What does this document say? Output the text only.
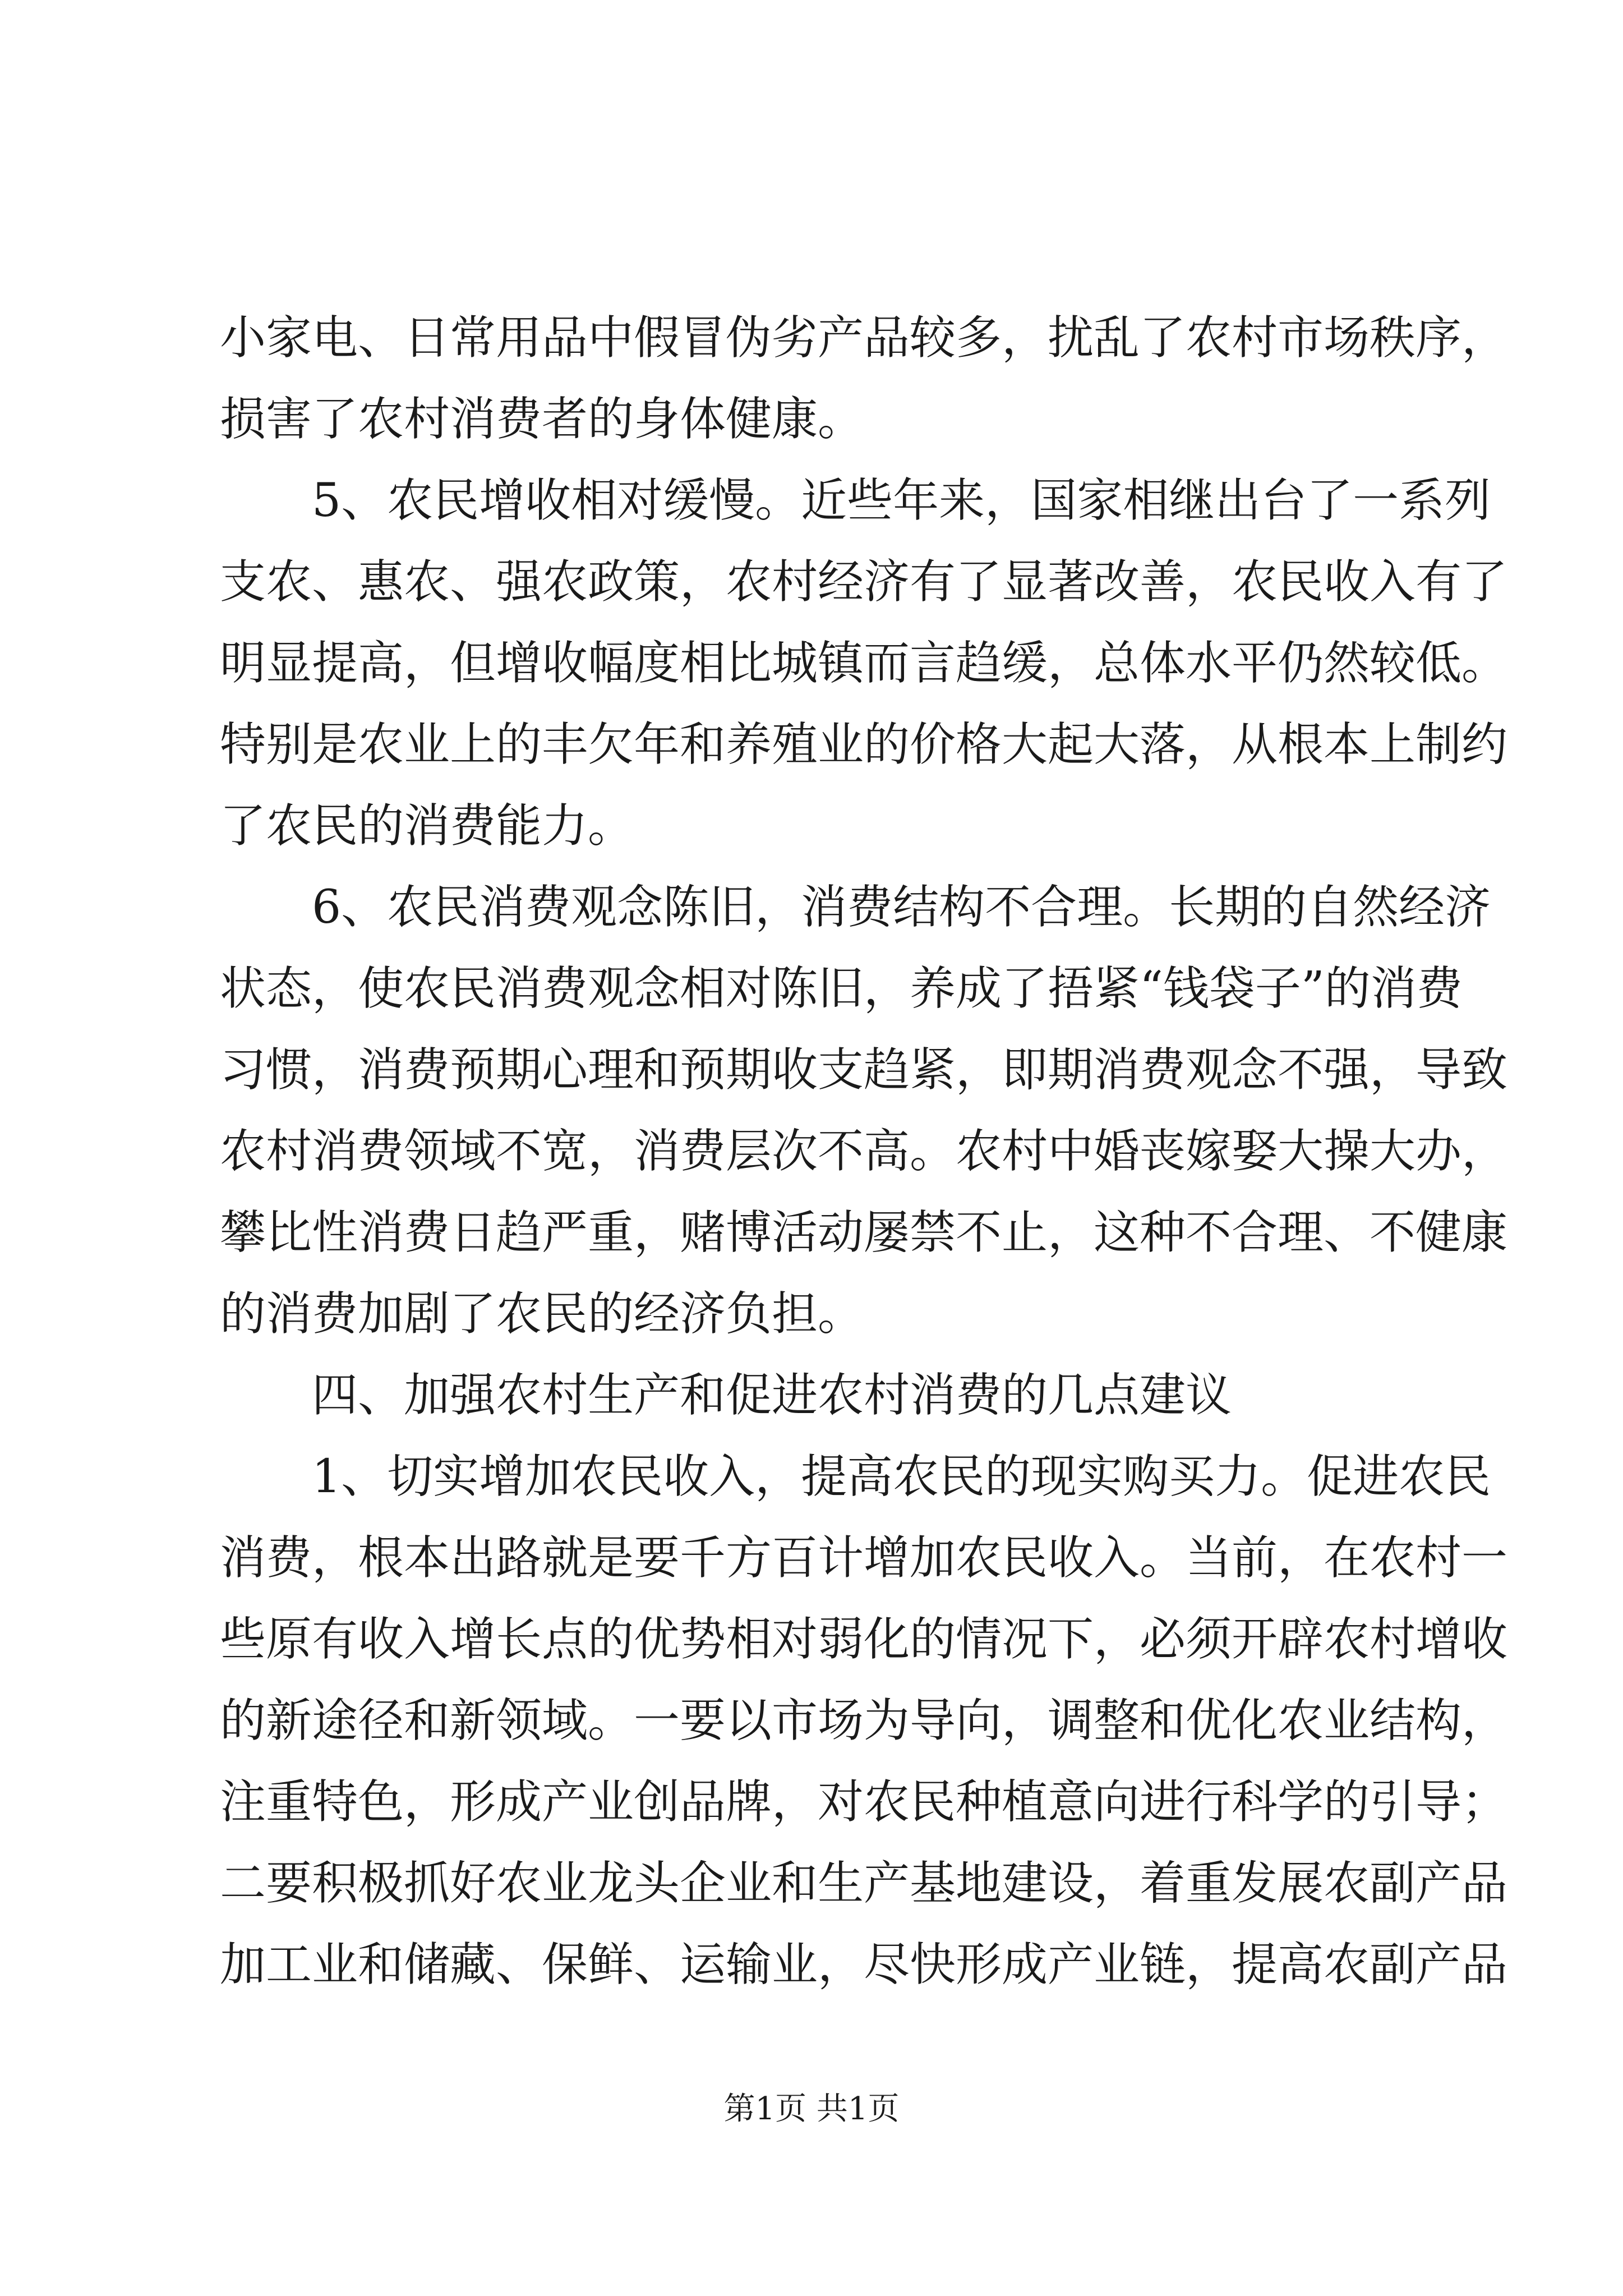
小家电、日常用品中假冒伪劣产品较多，扰乱了农村市场秩序，
损害了农村消费者的身体健康。
5、农民增收相对缓慢。近些年来，国家相继出台了一系列
支农、惠农、强农政策，农村经济有了显著改善，农民收入有了
明显提高，但增收幅度相比城镇而言趋缓，总体水平仍然较低。
特别是农业上的丰欠年和养殖业的价格大起大落，从根本上制约
了农民的消费能力。
6、农民消费观念陈旧，消费结构不合理。长期的自然经济
状态，使农民消费观念相对陈旧，养成了捂紧“钱袋子”的消费
习惯，消费预期心理和预期收支趋紧，即期消费观念不强，导致
农村消费领域不宽，消费层次不高。农村中婚丧嫁娶大操大办，
攀比性消费日趋严重，赌博活动屡禁不止，这种不合理、不健康
的消费加剧了农民的经济负担。
四、加强农村生产和促进农村消费的几点建议
1、切实增加农民收入，提高农民的现实购买力。促进农民
消费，根本出路就是要千方百计增加农民收入。当前，在农村一
些原有收入增长点的优势相对弱化的情况下，必须开辟农村增收
的新途径和新领域。一要以市场为导向，调整和优化农业结构，
注重特色，形成产业创品牌，对农民种植意向进行科学的引导；
二要积极抓好农业龙头企业和生产基地建设，着重发展农副产品
加工业和储藏、保鲜、运输业，尽快形成产业链，提高农副产品
第1页 共1页
